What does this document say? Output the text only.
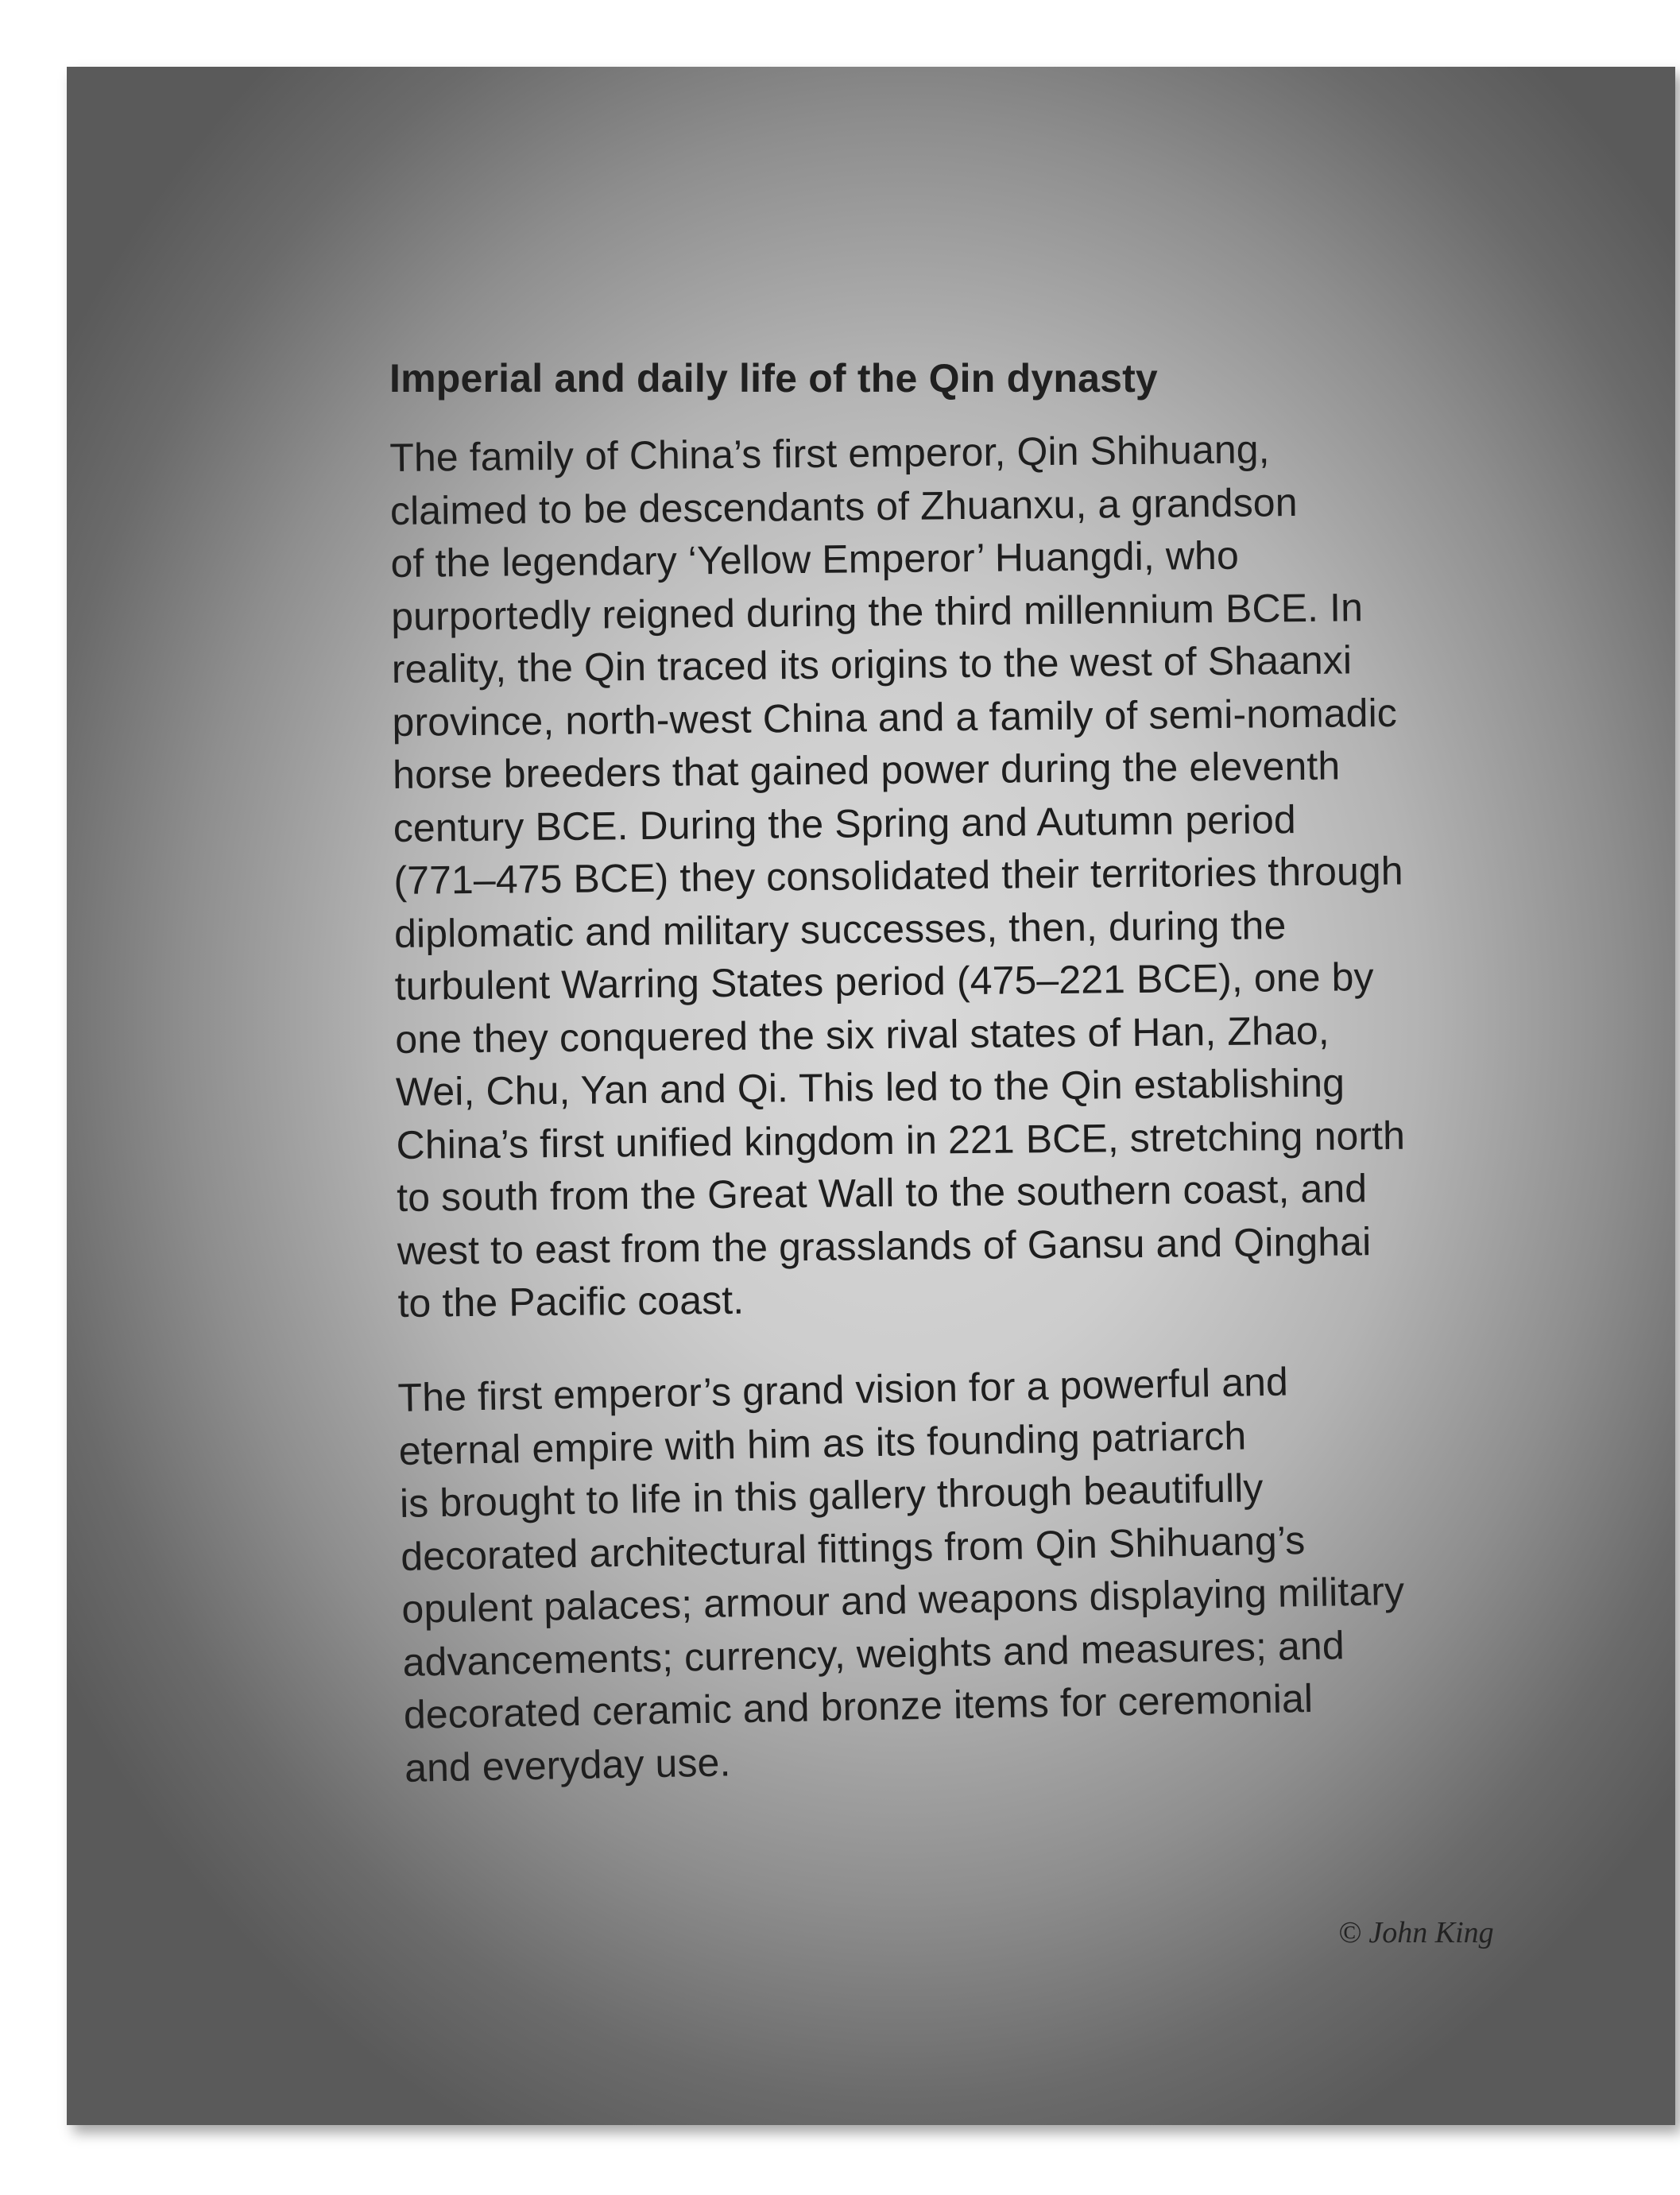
Imperial and daily life of the Qin dynasty

The family of China’s first emperor, Qin Shihuang,
claimed to be descendants of Zhuanxu, a grandson
of the legendary ‘Yellow Emperor’ Huangdi, who
purportedly reigned during the third millennium BCE. In
reality, the Qin traced its origins to the west of Shaanxi
province, north-west China and a family of semi-nomadic
horse breeders that gained power during the eleventh
century BCE. During the Spring and Autumn period
(771–475 BCE) they consolidated their territories through
diplomatic and military successes, then, during the
turbulent Warring States period (475–221 BCE), one by
one they conquered the six rival states of Han, Zhao,
Wei, Chu, Yan and Qi. This led to the Qin establishing
China’s first unified kingdom in 221 BCE, stretching north
to south from the Great Wall to the southern coast, and
west to east from the grasslands of Gansu and Qinghai
to the Pacific coast.

The first emperor’s grand vision for a powerful and
eternal empire with him as its founding patriarch
is brought to life in this gallery through beautifully
decorated architectural fittings from Qin Shihuang’s
opulent palaces; armour and weapons displaying military
advancements; currency, weights and measures; and
decorated ceramic and bronze items for ceremonial
and everyday use.

© John King
